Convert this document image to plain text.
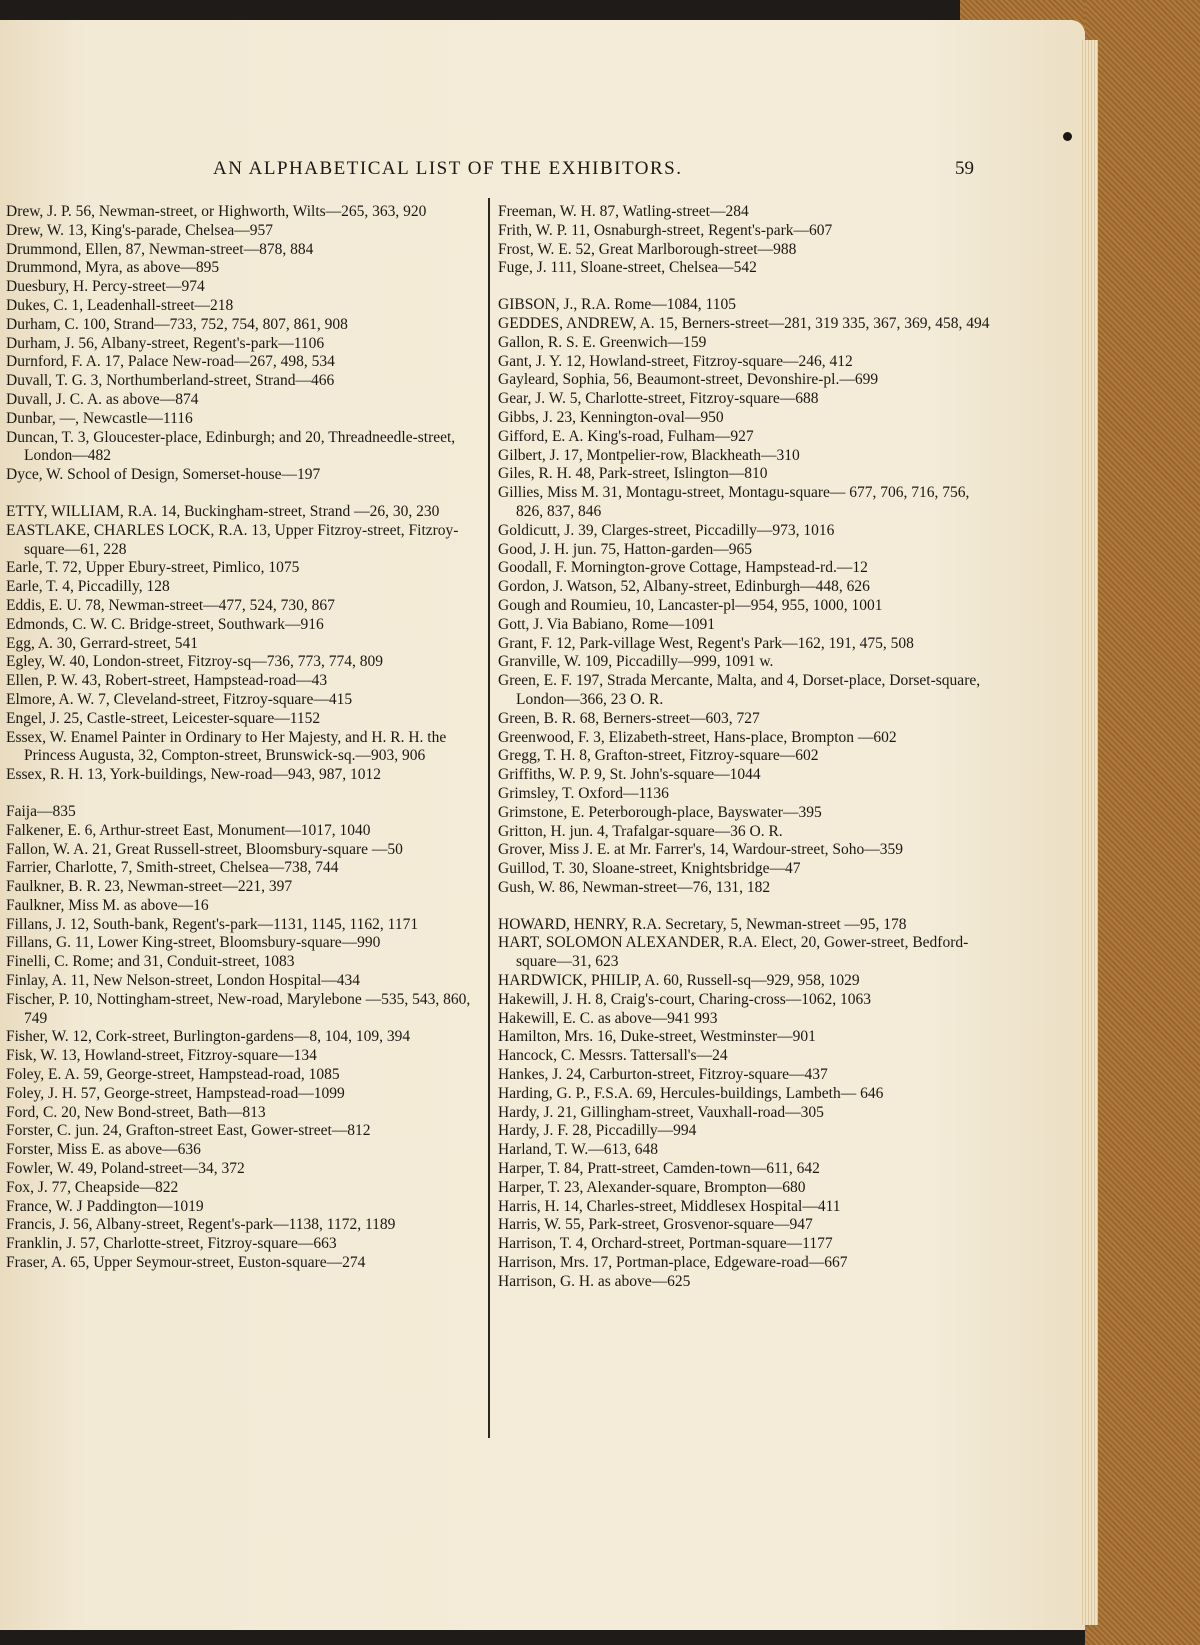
AN ALPHABETICAL LIST OF THE EXHIBITORS.	59
Drew, J. P. 56, Newman-street, or Highworth, Wilts—265, 363, 920
Drew, W. 13, King's-parade, Chelsea—957
Drummond, Ellen, 87, Newman-street—878, 884
Drummond, Myra, as above—895
Duesbury, H. Percy-street—974
Dukes, C. 1, Leadenhall-street—218
Durham, C. 100, Strand—733, 752, 754, 807, 861, 908
Durham, J. 56, Albany-street, Regent's-park—1106
Durnford, F. A. 17, Palace New-road—267, 498, 534
Duvall, T. G. 3, Northumberland-street, Strand—466
Duvall, J. C. A. as above—874
Dunbar, —, Newcastle—1116
Duncan, T. 3, Gloucester-place, Edinburgh; and 20, Threadneedle-street, London—482
Dyce, W. School of Design, Somerset-house—197
ETTY, WILLIAM, R.A. 14, Buckingham-street, Strand —26, 30, 230
EASTLAKE, CHARLES LOCK, R.A. 13, Upper Fitzroy-street, Fitzroy-square—61, 228
Earle, T. 72, Upper Ebury-street, Pimlico, 1075
Earle, T. 4, Piccadilly, 128
Eddis, E. U. 78, Newman-street—477, 524, 730, 867
Edmonds, C. W. C. Bridge-street, Southwark—916
Egg, A. 30, Gerrard-street, 541
Egley, W. 40, London-street, Fitzroy-sq—736, 773, 774, 809
Ellen, P. W. 43, Robert-street, Hampstead-road—43
Elmore, A. W. 7, Cleveland-street, Fitzroy-square—415
Engel, J. 25, Castle-street, Leicester-square—1152
Essex, W. Enamel Painter in Ordinary to Her Majesty, and H. R. H. the Princess Augusta, 32, Compton-street, Brunswick-sq.—903, 906
Essex, R. H. 13, York-buildings, New-road—943, 987, 1012
Faija—835
Falkener, E. 6, Arthur-street East, Monument—1017, 1040
Fallon, W. A. 21, Great Russell-street, Bloomsbury-square —50
Farrier, Charlotte, 7, Smith-street, Chelsea—738, 744
Faulkner, B. R. 23, Newman-street—221, 397
Faulkner, Miss M. as above—16
Fillans, J. 12, South-bank, Regent's-park—1131, 1145, 1162, 1171
Fillans, G. 11, Lower King-street, Bloomsbury-square—990
Finelli, C. Rome; and 31, Conduit-street, 1083
Finlay, A. 11, New Nelson-street, London Hospital—434
Fischer, P. 10, Nottingham-street, New-road, Marylebone —535, 543, 860, 749
Fisher, W. 12, Cork-street, Burlington-gardens—8, 104, 109, 394
Fisk, W. 13, Howland-street, Fitzroy-square—134
Foley, E. A. 59, George-street, Hampstead-road, 1085
Foley, J. H. 57, George-street, Hampstead-road—1099
Ford, C. 20, New Bond-street, Bath—813
Forster, C. jun. 24, Grafton-street East, Gower-street—812
Forster, Miss E. as above—636
Fowler, W. 49, Poland-street—34, 372
Fox, J. 77, Cheapside—822
France, W. J Paddington—1019
Francis, J. 56, Albany-street, Regent's-park—1138, 1172, 1189
Franklin, J. 57, Charlotte-street, Fitzroy-square—663
Fraser, A. 65, Upper Seymour-street, Euston-square—274
Freeman, W. H. 87, Watling-street—284
Frith, W. P. 11, Osnaburgh-street, Regent's-park—607
Frost, W. E. 52, Great Marlborough-street—988
Fuge, J. 111, Sloane-street, Chelsea—542
GIBSON, J., R.A. Rome—1084, 1105
GEDDES, ANDREW, A. 15, Berners-street—281, 319 335, 367, 369, 458, 494
Gallon, R. S. E. Greenwich—159
Gant, J. Y. 12, Howland-street, Fitzroy-square—246, 412
Gayleard, Sophia, 56, Beaumont-street, Devonshire-pl.—699
Gear, J. W. 5, Charlotte-street, Fitzroy-square—688
Gibbs, J. 23, Kennington-oval—950
Gifford, E. A. King's-road, Fulham—927
Gilbert, J. 17, Montpelier-row, Blackheath—310
Giles, R. H. 48, Park-street, Islington—810
Gillies, Miss M. 31, Montagu-street, Montagu-square— 677, 706, 716, 756, 826, 837, 846
Goldicutt, J. 39, Clarges-street, Piccadilly—973, 1016
Good, J. H. jun. 75, Hatton-garden—965
Goodall, F. Mornington-grove Cottage, Hampstead-rd.—12
Gordon, J. Watson, 52, Albany-street, Edinburgh—448, 626
Gough and Roumieu, 10, Lancaster-pl—954, 955, 1000, 1001
Gott, J. Via Babiano, Rome—1091
Grant, F. 12, Park-village West, Regent's Park—162, 191, 475, 508
Granville, W. 109, Piccadilly—999, 1091 w.
Green, E. F. 197, Strada Mercante, Malta, and 4, Dorset-place, Dorset-square, London—366, 23 O. R.
Green, B. R. 68, Berners-street—603, 727
Greenwood, F. 3, Elizabeth-street, Hans-place, Brompton —602
Gregg, T. H. 8, Grafton-street, Fitzroy-square—602
Griffiths, W. P. 9, St. John's-square—1044
Grimsley, T. Oxford—1136
Grimstone, E. Peterborough-place, Bayswater—395
Gritton, H. jun. 4, Trafalgar-square—36 O. R.
Grover, Miss J. E. at Mr. Farrer's, 14, Wardour-street, Soho—359
Guillod, T. 30, Sloane-street, Knightsbridge—47
Gush, W. 86, Newman-street—76, 131, 182
HOWARD, HENRY, R.A. Secretary, 5, Newman-street —95, 178
HART, SOLOMON ALEXANDER, R.A. Elect, 20, Gower-street, Bedford-square—31, 623
HARDWICK, PHILIP, A. 60, Russell-sq—929, 958, 1029
Hakewill, J. H. 8, Craig's-court, Charing-cross—1062, 1063
Hakewill, E. C. as above—941 993
Hamilton, Mrs. 16, Duke-street, Westminster—901
Hancock, C. Messrs. Tattersall's—24
Hankes, J. 24, Carburton-street, Fitzroy-square—437
Harding, G. P., F.S.A. 69, Hercules-buildings, Lambeth— 646
Hardy, J. 21, Gillingham-street, Vauxhall-road—305
Hardy, J. F. 28, Piccadilly—994
Harland, T. W.—613, 648
Harper, T. 84, Pratt-street, Camden-town—611, 642
Harper, T. 23, Alexander-square, Brompton—680
Harris, H. 14, Charles-street, Middlesex Hospital—411
Harris, W. 55, Park-street, Grosvenor-square—947
Harrison, T. 4, Orchard-street, Portman-square—1177
Harrison, Mrs. 17, Portman-place, Edgeware-road—667
Harrison, G. H. as above—625
